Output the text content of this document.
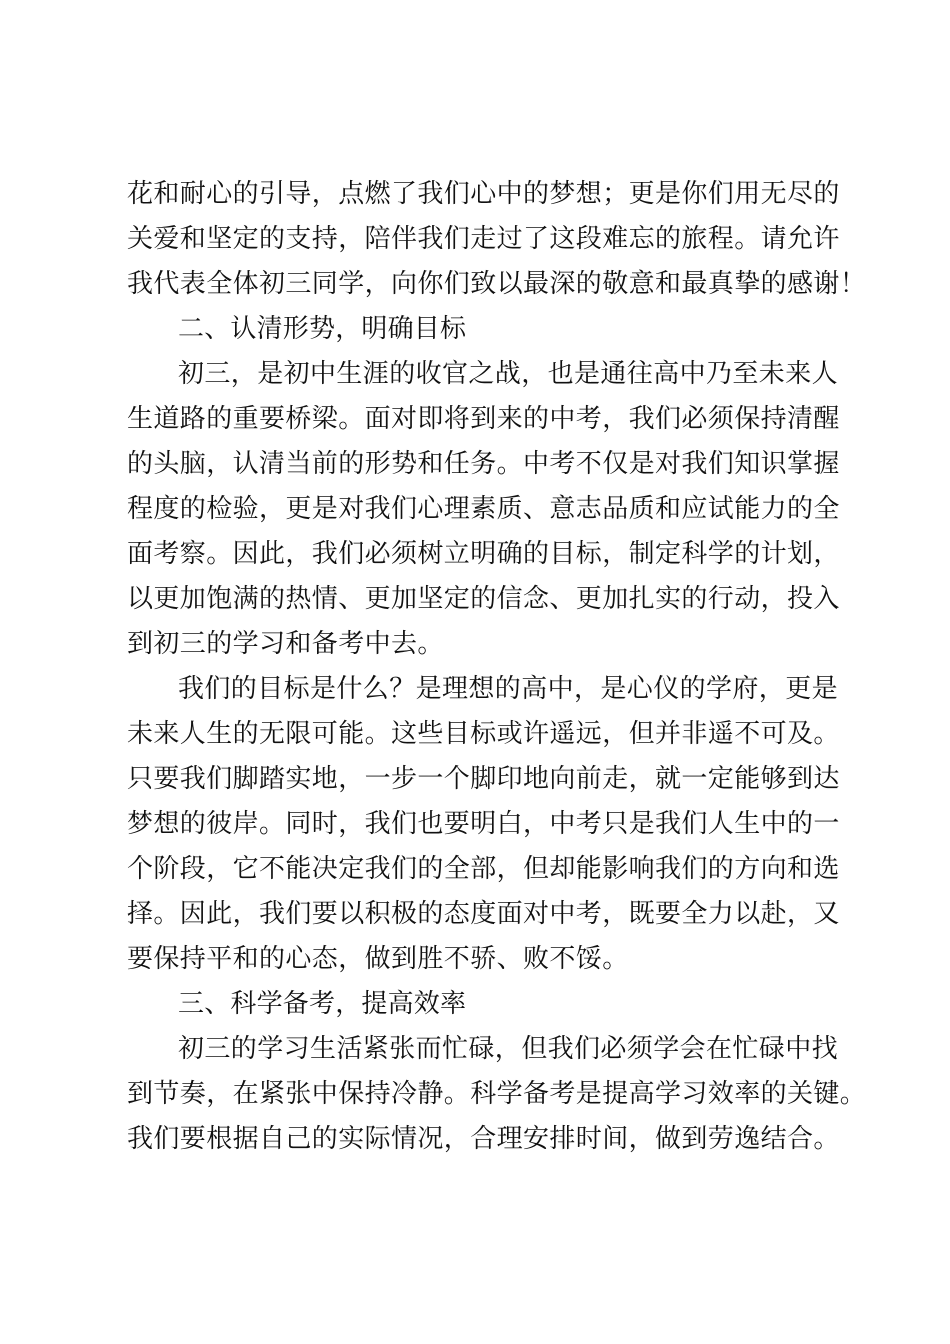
花和耐心的引导，点燃了我们心中的梦想；更是你们用无尽的
关爱和坚定的支持，陪伴我们走过了这段难忘的旅程。请允许
我代表全体初三同学，向你们致以最深的敬意和最真挚的感谢！
二、认清形势，明确目标
初三，是初中生涯的收官之战，也是通往高中乃至未来人
生道路的重要桥梁。面对即将到来的中考，我们必须保持清醒
的头脑，认清当前的形势和任务。中考不仅是对我们知识掌握
程度的检验，更是对我们心理素质、意志品质和应试能力的全
面考察。因此，我们必须树立明确的目标，制定科学的计划，
以更加饱满的热情、更加坚定的信念、更加扎实的行动，投入
到初三的学习和备考中去。
我们的目标是什么？是理想的高中，是心仪的学府，更是
未来人生的无限可能。这些目标或许遥远，但并非遥不可及。
只要我们脚踏实地，一步一个脚印地向前走，就一定能够到达
梦想的彼岸。同时，我们也要明白，中考只是我们人生中的一
个阶段，它不能决定我们的全部，但却能影响我们的方向和选
择。因此，我们要以积极的态度面对中考，既要全力以赴，又
要保持平和的心态，做到胜不骄、败不馁。
三、科学备考，提高效率
初三的学习生活紧张而忙碌，但我们必须学会在忙碌中找
到节奏，在紧张中保持冷静。科学备考是提高学习效率的关键。
我们要根据自己的实际情况，合理安排时间，做到劳逸结合。
